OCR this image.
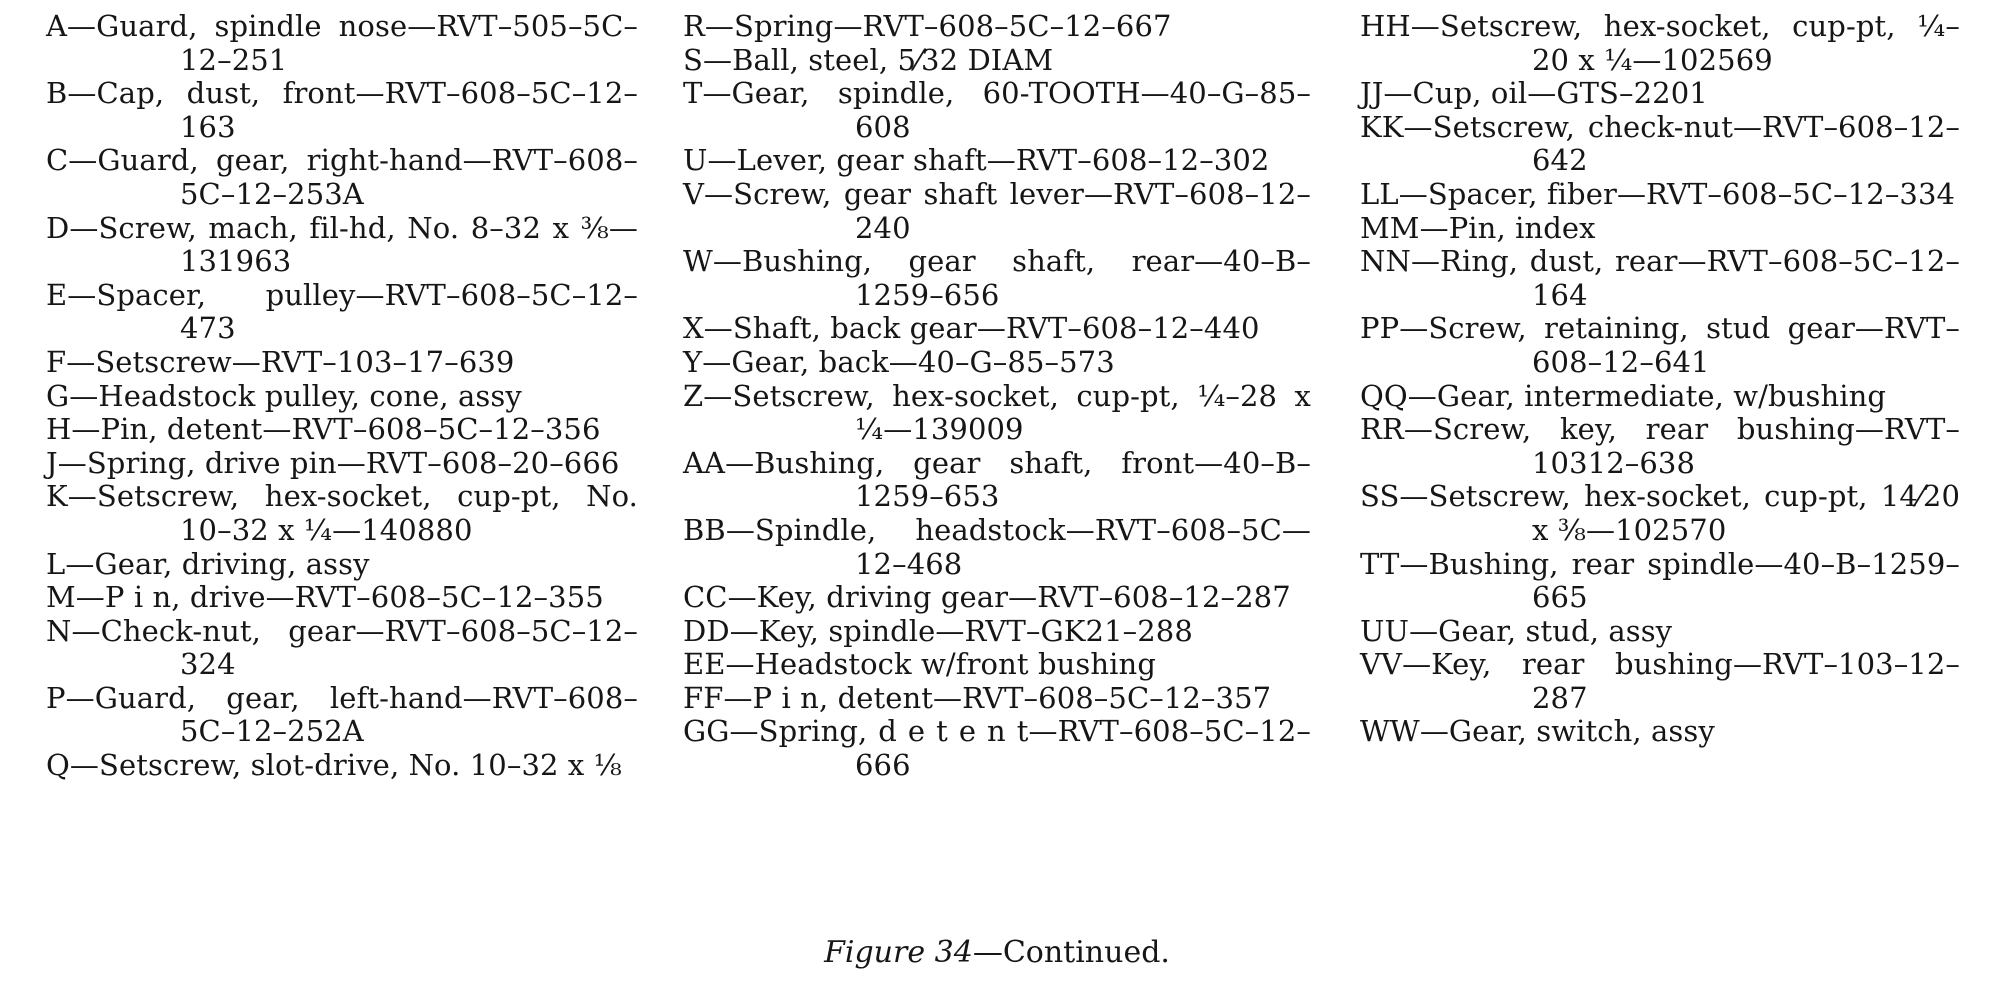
A—Guard, spindle nose—RVT–505–5C–12–251

B—Cap, dust, front—RVT–608–5C–12–163

C—Guard, gear, right-hand—RVT–608–5C–12–253A

D—Screw, mach, fil-hd, No. 8–32 x ⅜—131963

E—Spacer, pulley—RVT–608–5C–12–473

F—Setscrew—RVT–103–17–639

G—Headstock pulley, cone, assy

H—Pin, detent—RVT–608–5C–12–356

J—Spring, drive pin—RVT–608–20–666

K—Setscrew, hex-socket, cup-pt, No. 10–32 x ¼—140880

L—Gear, driving, assy

M—P i n, drive—RVT–608–5C–12–355

N—Check-nut, gear—RVT–608–5C–12–324

P—Guard, gear, left-hand—RVT–608–5C–12–252A

Q—Setscrew, slot-drive, No. 10–32 x ⅛

R—Spring—RVT–608–5C–12–667

S—Ball, steel, 5⁄32 DIAM

T—Gear, spindle, 60-TOOTH—40–G–85–608

U—Lever, gear shaft—RVT–608–12–302

V—Screw, gear shaft lever—RVT–608–12–240

W—Bushing, gear shaft, rear—40–B–1259–656

X—Shaft, back gear—RVT–608–12–440

Y—Gear, back—40–G–85–573

Z—Setscrew, hex-socket, cup-pt, ¼–28 x ¼—139009

AA—Bushing, gear shaft, front—40–B–1259–653

BB—Spindle, headstock—RVT–608–5C—12–468

CC—Key, driving gear—RVT–608–12–287

DD—Key, spindle—RVT–GK21–288

EE—Headstock w/front bushing

FF—P i n, detent—RVT–608–5C–12–357

GG—Spring, d e t e n t—RVT–608–5C–12–666

HH—Setscrew, hex-socket, cup-pt, ¼–20 x ¼—102569

JJ—Cup, oil—GTS–2201

KK—Setscrew, check-nut—RVT–608–12–642

LL—Spacer, fiber—RVT–608–5C–12–334

MM—Pin, index

NN—Ring, dust, rear—RVT–608–5C–12–164

PP—Screw, retaining, stud gear—RVT–608–12–641

QQ—Gear, intermediate, w/bushing

RR—Screw, key, rear bushing—RVT–10312–638

SS—Setscrew, hex-socket, cup-pt, 14⁄20 x ⅜—102570

TT—Bushing, rear spindle—40–B–1259–665

UU—Gear, stud, assy

VV—Key, rear bushing—RVT–103–12–287

WW—Gear, switch, assy

Figure 34—Continued.
